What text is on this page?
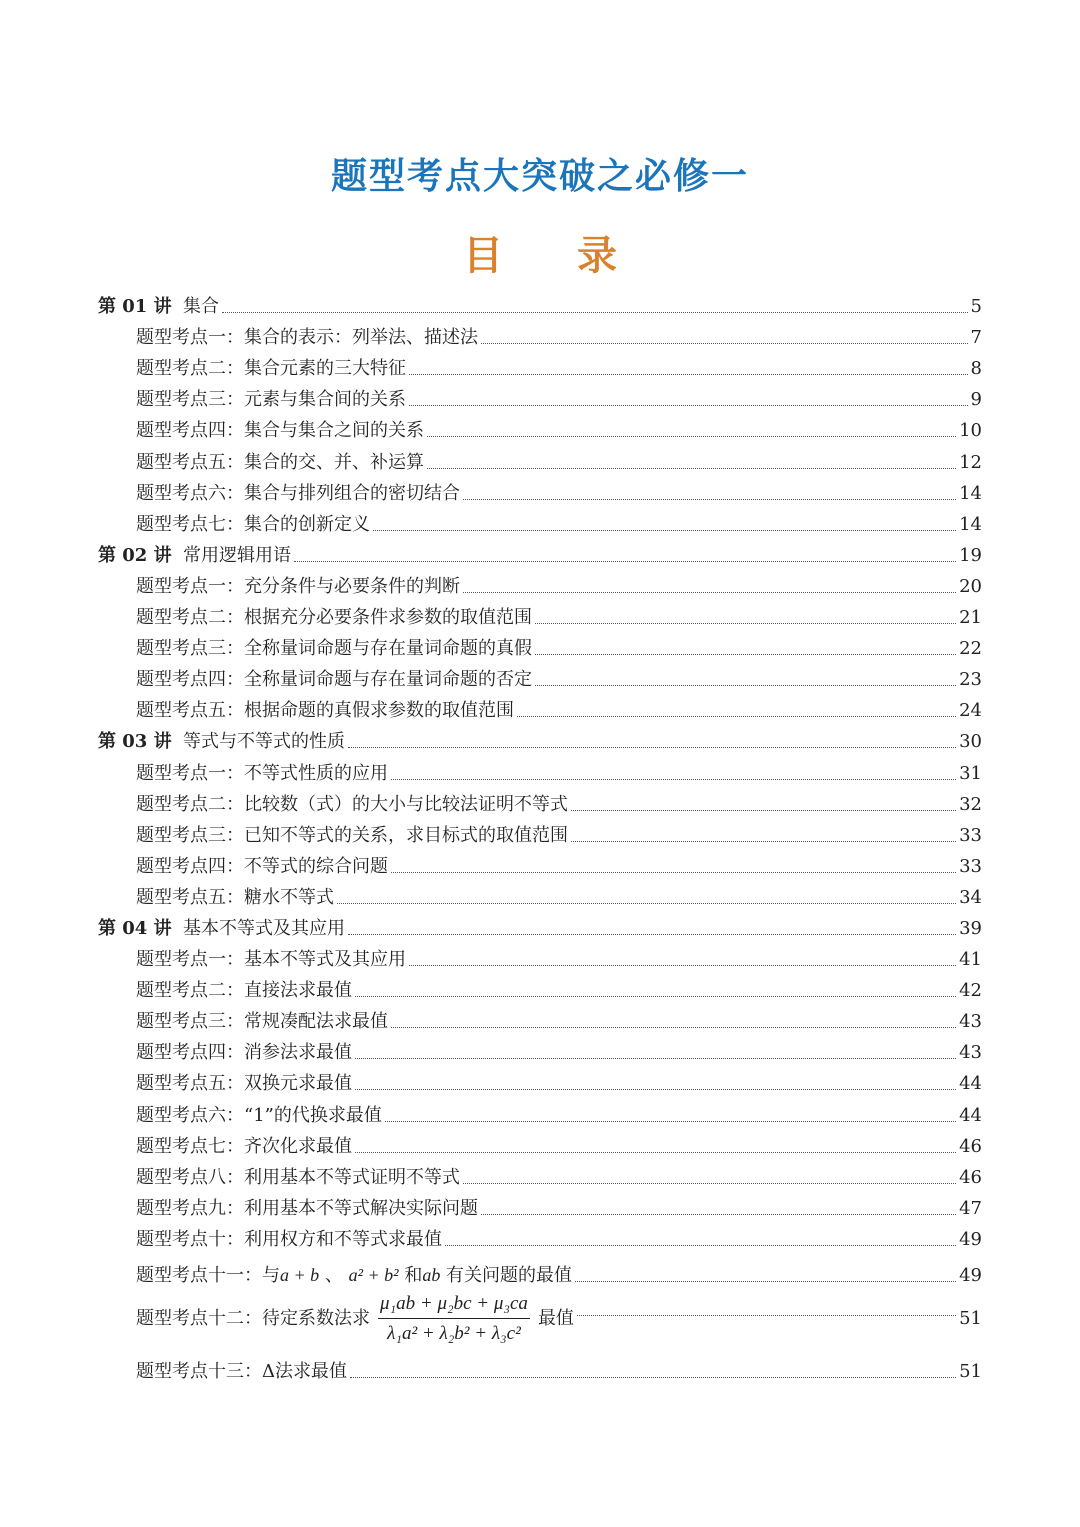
题型考点大突破之必修一
目 录
第 01 讲 集合	5
题型考点一：集合的表示：列举法、描述法	7
题型考点二：集合元素的三大特征	8
题型考点三：元素与集合间的关系	9
题型考点四：集合与集合之间的关系	10
题型考点五：集合的交、并、补运算	12
题型考点六：集合与排列组合的密切结合	14
题型考点七：集合的创新定义	14
第 02 讲 常用逻辑用语	19
题型考点一：充分条件与必要条件的判断	20
题型考点二：根据充分必要条件求参数的取值范围	21
题型考点三：全称量词命题与存在量词命题的真假	22
题型考点四：全称量词命题与存在量词命题的否定	23
题型考点五：根据命题的真假求参数的取值范围	24
第 03 讲 等式与不等式的性质	30
题型考点一：不等式性质的应用	31
题型考点二：比较数（式）的大小与比较法证明不等式	32
题型考点三：已知不等式的关系，求目标式的取值范围	33
题型考点四：不等式的综合问题	33
题型考点五：糖水不等式	34
第 04 讲 基本不等式及其应用	39
题型考点一：基本不等式及其应用	41
题型考点二：直接法求最值	42
题型考点三：常规凑配法求最值	43
题型考点四：消参法求最值	43
题型考点五：双换元求最值	44
题型考点六：“1”的代换求最值	44
题型考点七：齐次化求最值	46
题型考点八：利用基本不等式证明不等式	46
题型考点九：利用基本不等式解决实际问题	47
题型考点十：利用权方和不等式求最值	49
题型考点十一：与a + b 、 a² + b² 和ab 有关问题的最值	49
题型考点十二：待定系数法求 $\frac{\text{μ₁ab + μ₂bc + μ₃ca}}{\text{λ₁a² + λ₂b² + λ₃c²}}$ 最值	51
题型考点十三：Δ法求最值	51
